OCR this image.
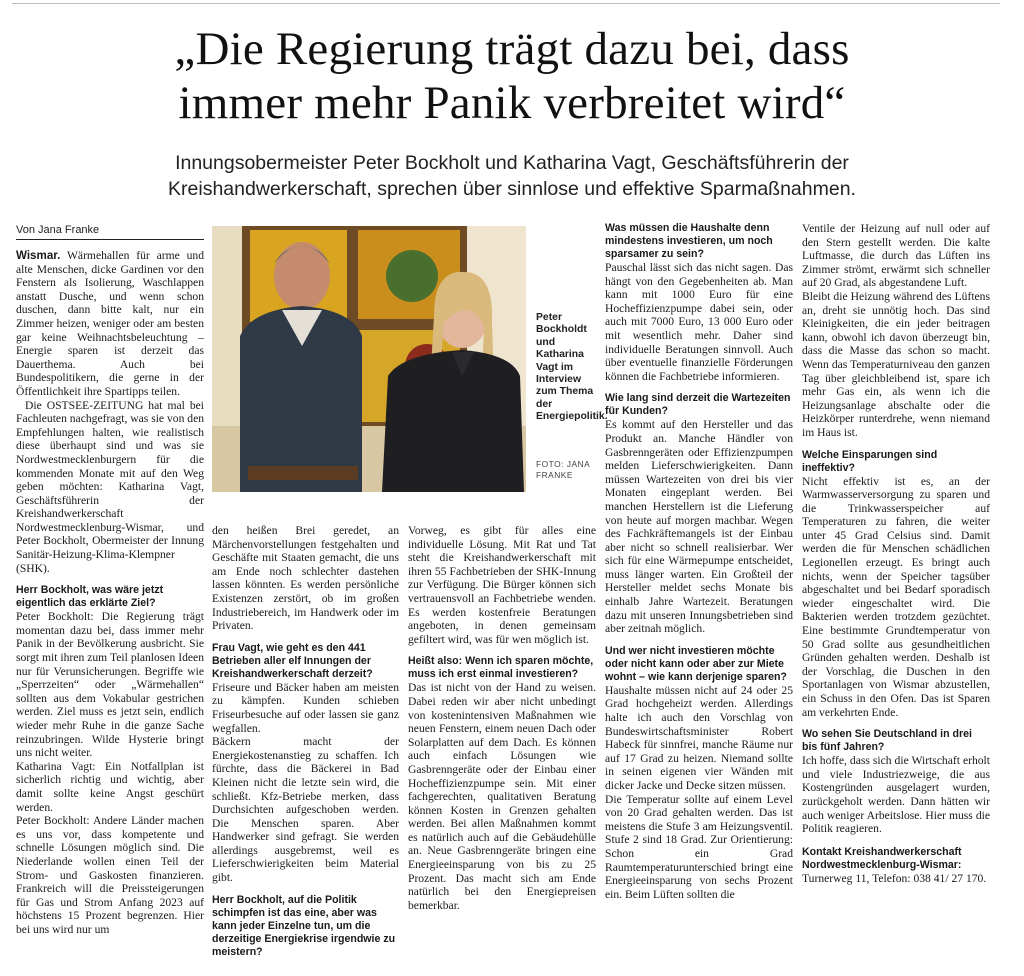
„Die Regierung trägt dazu bei, dass
immer mehr Panik verbreitet wird“
Innungsobermeister Peter Bockholt und Katharina Vagt, Geschäftsführerin der
Kreishandwerkerschaft, sprechen über sinnlose und effektive Sparmaßnahmen.
Von Jana Franke

Wismar. Wärmehallen für arme und alte Menschen, dicke Gardinen vor den Fenstern als Isolierung, Waschlappen anstatt Dusche, und wenn schon duschen, dann bitte kalt, nur ein Zimmer heizen, weniger oder am besten gar keine Weihnachtsbeleuchtung – Energie sparen ist derzeit das Dauerthema. Auch bei Bundespolitikern, die gerne in der Öffentlichkeit ihre Spartipps teilen.

Die OSTSEE-ZEITUNG hat mal bei Fachleuten nachgefragt, was sie von den Empfehlungen halten, wie realistisch diese überhaupt sind und was sie Nordwestmecklenburgern für die kommenden Monate mit auf den Weg geben möchten: Katharina Vagt, Geschäftsführerin der Kreishandwerkerschaft Nordwestmecklenburg-Wismar, und Peter Bockholt, Obermeister der Innung Sanitär-Heizung-Klima-Klempner (SHK).

Herr Bockholt, was wäre jetzt eigentlich das erklärte Ziel?

Peter Bockholt: Die Regierung trägt momentan dazu bei, dass immer mehr Panik in der Bevölkerung ausbricht. Sie sorgt mit ihren zum Teil planlosen Ideen nur für Verunsicherungen. Begriffe wie „Sperrzeiten“ oder „Wärmehallen“ sollten aus dem Vokabular gestrichen werden. Ziel muss es jetzt sein, endlich wieder mehr Ruhe in die ganze Sache reinzubringen. Wilde Hysterie bringt uns nicht weiter.

Katharina Vagt: Ein Notfallplan ist sicherlich richtig und wichtig, aber damit sollte keine Angst geschürt werden.

Peter Bockholt: Andere Länder machen es uns vor, dass kompetente und schnelle Lösungen möglich sind. Die Niederlande wollen einen Teil der Strom- und Gaskosten finanzieren. Frankreich will die Preissteigerungen für Gas und Strom Anfang 2023 auf höchstens 15 Prozent begrenzen. Hier bei uns wird nur um

Peter Bockholdt und Katharina Vagt im Interview zum Thema der Energiepolitik.
FOTO: JANA FRANKE

den heißen Brei geredet, an Märchenvorstellungen festgehalten und Geschäfte mit Staaten gemacht, die uns am Ende noch schlechter dastehen lassen könnten. Es werden persönliche Existenzen zerstört, ob im großen Industriebereich, im Handwerk oder im Privaten.

Frau Vagt, wie geht es den 441 Betrieben aller elf Innungen der Kreishandwerkerschaft derzeit?

Friseure und Bäcker haben am meisten zu kämpfen. Kunden schieben Friseurbesuche auf oder lassen sie ganz wegfallen.

Bäckern macht der Energiekostenanstieg zu schaffen. Ich fürchte, dass die Bäckerei in Bad Kleinen nicht die letzte sein wird, die schließt. Kfz-Betriebe merken, dass Durchsichten aufgeschoben werden. Die Menschen sparen. Aber Handwerker sind gefragt. Sie werden allerdings ausgebremst, weil es Lieferschwierigkeiten beim Material gibt.

Herr Bockholt, auf die Politik schimpfen ist das eine, aber was kann jeder Einzelne tun, um die derzeitige Energiekrise irgendwie zu meistern?

Vorweg, es gibt für alles eine individuelle Lösung. Mit Rat und Tat steht die Kreishandwerkerschaft mit ihren 55 Fachbetrieben der SHK-Innung zur Verfügung. Die Bürger können sich vertrauensvoll an Fachbetriebe wenden. Es werden kostenfreie Beratungen angeboten, in denen gemeinsam gefiltert wird, was für wen möglich ist.

Heißt also: Wenn ich sparen möchte, muss ich erst einmal investieren?

Das ist nicht von der Hand zu weisen. Dabei reden wir aber nicht unbedingt von kostenintensiven Maßnahmen wie neuen Fenstern, einem neuen Dach oder Solarplatten auf dem Dach. Es können auch einfach Lösungen wie Gasbrenngeräte oder der Einbau einer Hocheffizienzpumpe sein. Mit einer fachgerechten, qualitativen Beratung können Kosten in Grenzen gehalten werden. Bei allen Maßnahmen kommt es natürlich auch auf die Gebäudehülle an. Neue Gasbrenngeräte bringen eine Energieeinsparung von bis zu 25 Prozent. Das macht sich am Ende natürlich bei den Energiepreisen bemerkbar.

Was müssen die Haushalte denn mindestens investieren, um noch sparsamer zu sein?

Pauschal lässt sich das nicht sagen. Das hängt von den Gegebenheiten ab. Man kann mit 1000 Euro für eine Hocheffizienzpumpe dabei sein, oder auch mit 7000 Euro, 13 000 Euro oder mit wesentlich mehr. Daher sind individuelle Beratungen sinnvoll. Auch über eventuelle finanzielle Förderungen können die Fachbetriebe informieren.

Wie lang sind derzeit die Wartezeiten für Kunden?

Es kommt auf den Hersteller und das Produkt an. Manche Händler von Gasbrenngeräten oder Effizienzpumpen melden Lieferschwierigkeiten. Dann müssen Wartezeiten von drei bis vier Monaten eingeplant werden. Bei manchen Herstellern ist die Lieferung von heute auf morgen machbar. Wegen des Fachkräftemangels ist der Einbau aber nicht so schnell realisierbar. Wer sich für eine Wärmepumpe entscheidet, muss länger warten. Ein Großteil der Hersteller meldet sechs Monate bis einhalb Jahre Wartezeit. Beratungen dazu mit unseren Innungsbetrieben sind aber zeitnah möglich.

Und wer nicht investieren möchte oder nicht kann oder aber zur Miete wohnt – wie kann derjenige sparen?

Haushalte müssen nicht auf 24 oder 25 Grad hochgeheizt werden. Allerdings halte ich auch den Vorschlag von Bundeswirtschaftsminister Robert Habeck für sinnfrei, manche Räume nur auf 17 Grad zu heizen. Niemand sollte in seinen eigenen vier Wänden mit dicker Jacke und Decke sitzen müssen.

Die Temperatur sollte auf einem Level von 20 Grad gehalten werden. Das ist meistens die Stufe 3 am Heizungsventil. Stufe 2 sind 18 Grad. Zur Orientierung: Schon ein Grad Raumtemperaturunterschied bringt eine Energieeinsparung von sechs Prozent ein. Beim Lüften sollten die

Ventile der Heizung auf null oder auf den Stern gestellt werden. Die kalte Luftmasse, die durch das Lüften ins Zimmer strömt, erwärmt sich schneller auf 20 Grad, als abgestandene Luft.

Bleibt die Heizung während des Lüftens an, dreht sie unnötig hoch. Das sind Kleinigkeiten, die ein jeder beitragen kann, obwohl ich davon überzeugt bin, dass die Masse das schon so macht. Wenn das Temperaturniveau den ganzen Tag über gleichbleibend ist, spare ich mehr Gas ein, als wenn ich die Heizungsanlage abschalte oder die Heizkörper runterdrehe, wenn niemand im Haus ist.

Welche Einsparungen sind ineffektiv?

Nicht effektiv ist es, an der Warmwasserversorgung zu sparen und die Trinkwasserspeicher auf Temperaturen zu fahren, die weiter unter 45 Grad Celsius sind. Damit werden die für Menschen schädlichen Legionellen erzeugt. Es bringt auch nichts, wenn der Speicher tagsüber abgeschaltet und bei Bedarf sporadisch wieder eingeschaltet wird. Die Bakterien werden trotzdem gezüchtet. Eine bestimmte Grundtemperatur von 50 Grad sollte aus gesundheitlichen Gründen gehalten werden. Deshalb ist der Vorschlag, die Duschen in den Sportanlagen von Wismar abzustellen, ein Schuss in den Ofen. Das ist Sparen am verkehrten Ende.

Wo sehen Sie Deutschland in drei bis fünf Jahren?

Ich hoffe, dass sich die Wirtschaft erholt und viele Industriezweige, die aus Kostengründen ausgelagert wurden, zurückgeholt werden. Dann hätten wir auch weniger Arbeitslose. Hier muss die Politik reagieren.

Kontakt Kreishandwerkerschaft Nordwestmecklenburg-Wismar:

Turnerweg 11, Telefon: 038 41/ 27 170.
